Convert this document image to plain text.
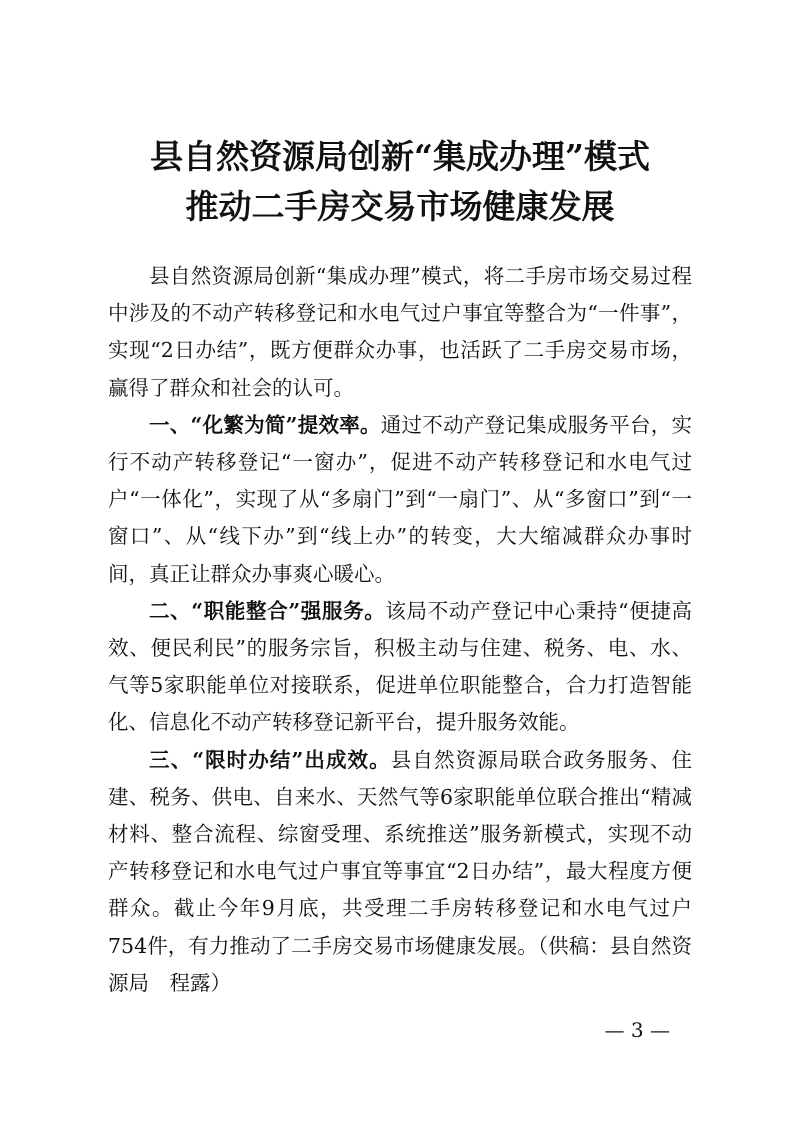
县自然资源局创新“集成办理”模式
推动二手房交易市场健康发展

县自然资源局创新“集成办理”模式，将二手房市场交易过程中涉及的不动产转移登记和水电气过户事宜等整合为“一件事”，实现“2日办结”，既方便群众办事，也活跃了二手房交易市场，赢得了群众和社会的认可。

一、“化繁为简”提效率。通过不动产登记集成服务平台，实行不动产转移登记“一窗办”，促进不动产转移登记和水电气过户“一体化”，实现了从“多扇门”到“一扇门”、从“多窗口”到“一窗口”、从“线下办”到“线上办”的转变，大大缩减群众办事时间，真正让群众办事爽心暖心。

二、“职能整合”强服务。该局不动产登记中心秉持“便捷高效、便民利民”的服务宗旨，积极主动与住建、税务、电、水、气等5家职能单位对接联系，促进单位职能整合，合力打造智能化、信息化不动产转移登记新平台，提升服务效能。

三、“限时办结”出成效。县自然资源局联合政务服务、住建、税务、供电、自来水、天然气等6家职能单位联合推出“精减材料、整合流程、综窗受理、系统推送”服务新模式，实现不动产转移登记和水电气过户事宜等事宜“2日办结”，最大程度方便群众。截止今年9月底，共受理二手房转移登记和水电气过户754件，有力推动了二手房交易市场健康发展。（供稿：县自然资源局　程露）

— 3 —
